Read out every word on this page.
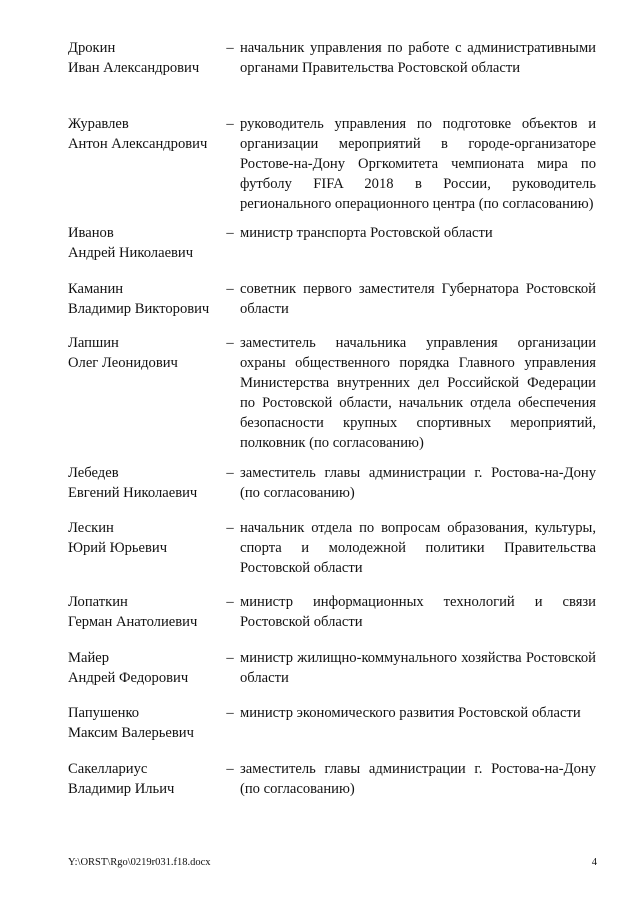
Дрокин
Иван Александрович
– начальник управления по работе с административными органами Правительства Ростовской области
Журавлев
Антон Александрович
– руководитель управления по подготовке объектов и организации мероприятий в городе-организаторе Ростове-на-Дону Оргкомитета чемпионата мира по футболу FIFA 2018 в России, руководитель регионального операционного центра (по согласованию)
Иванов
Андрей Николаевич
– министр транспорта Ростовской области
Каманин
Владимир Викторович
– советник первого заместителя Губернатора Ростовской области
Лапшин
Олег Леонидович
– заместитель начальника управления организации охраны общественного порядка Главного управления Министерства внутренних дел Российской Федерации по Ростовской области, начальник отдела обеспечения безопасности крупных спортивных мероприятий, полковник (по согласованию)
Лебедев
Евгений Николаевич
– заместитель главы администрации г. Ростова-на-Дону (по согласованию)
Лескин
Юрий Юрьевич
– начальник отдела по вопросам образования, культуры, спорта и молодежной политики Правительства Ростовской области
Лопаткин
Герман Анатолиевич
– министр информационных технологий и связи Ростовской области
Майер
Андрей Федорович
– министр жилищно-коммунального хозяйства Ростовской области
Папушенко
Максим Валерьевич
– министр экономического развития Ростовской области
Сакеллариус
Владимир Ильич
– заместитель главы администрации г. Ростова-на-Дону (по согласованию)
Y:\ORST\Rgo\0219r031.f18.docx	4
